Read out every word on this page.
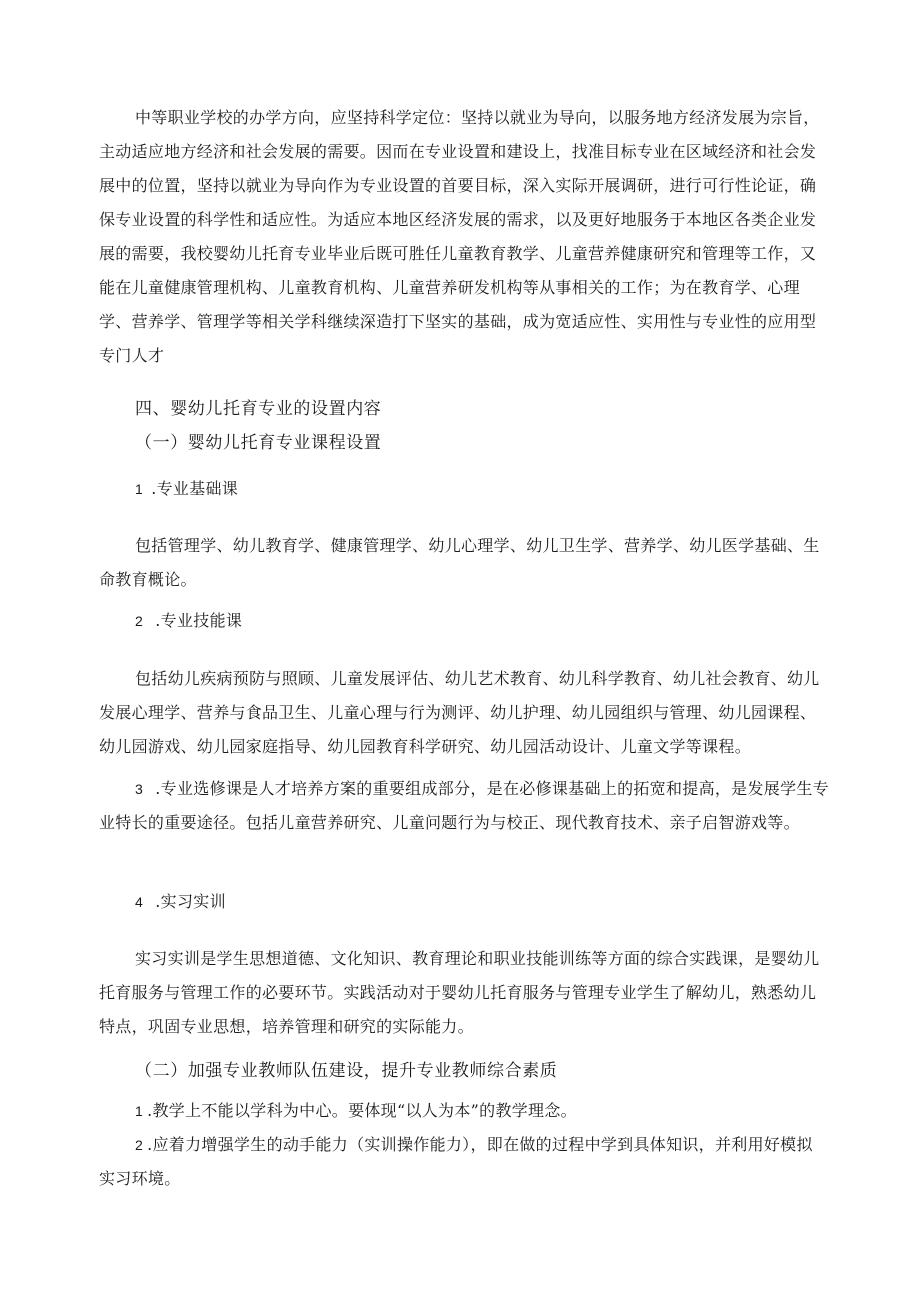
中等职业学校的办学方向，应坚持科学定位：坚持以就业为导向，以服务地方经济发展为宗旨，主动适应地方经济和社会发展的需要。因而在专业设置和建设上，找准目标专业在区域经济和社会发展中的位置，坚持以就业为导向作为专业设置的首要目标，深入实际开展调研，进行可行性论证，确保专业设置的科学性和适应性。为适应本地区经济发展的需求，以及更好地服务于本地区各类企业发展的需要，我校婴幼儿托育专业毕业后既可胜任儿童教育教学、儿童营养健康研究和管理等工作，又能在儿童健康管理机构、儿童教育机构、儿童营养研发机构等从事相关的工作；为在教育学、心理学、营养学、管理学等相关学科继续深造打下坚实的基础，成为宽适应性、实用性与专业性的应用型专门人才

四、婴幼儿托育专业的设置内容

（一）婴幼儿托育专业课程设置

1 .专业基础课

包括管理学、幼儿教育学、健康管理学、幼儿心理学、幼儿卫生学、营养学、幼儿医学基础、生命教育概论。

2 .专业技能课

包括幼儿疾病预防与照顾、儿童发展评估、幼儿艺术教育、幼儿科学教育、幼儿社会教育、幼儿发展心理学、营养与食品卫生、儿童心理与行为测评、幼儿护理、幼儿园组织与管理、幼儿园课程、幼儿园游戏、幼儿园家庭指导、幼儿园教育科学研究、幼儿园活动设计、儿童文学等课程。

3 .专业选修课是人才培养方案的重要组成部分，是在必修课基础上的拓宽和提高，是发展学生专业特长的重要途径。包括儿童营养研究、儿童问题行为与校正、现代教育技术、亲子启智游戏等。

4 .实习实训

实习实训是学生思想道德、文化知识、教育理论和职业技能训练等方面的综合实践课，是婴幼儿托育服务与管理工作的必要环节。实践活动对于婴幼儿托育服务与管理专业学生了解幼儿，熟悉幼儿特点，巩固专业思想，培养管理和研究的实际能力。

（二）加强专业教师队伍建设，提升专业教师综合素质

1 .教学上不能以学科为中心。要体现“以人为本”的教学理念。

2 .应着力增强学生的动手能力（实训操作能力），即在做的过程中学到具体知识，并利用好模拟实习环境。
